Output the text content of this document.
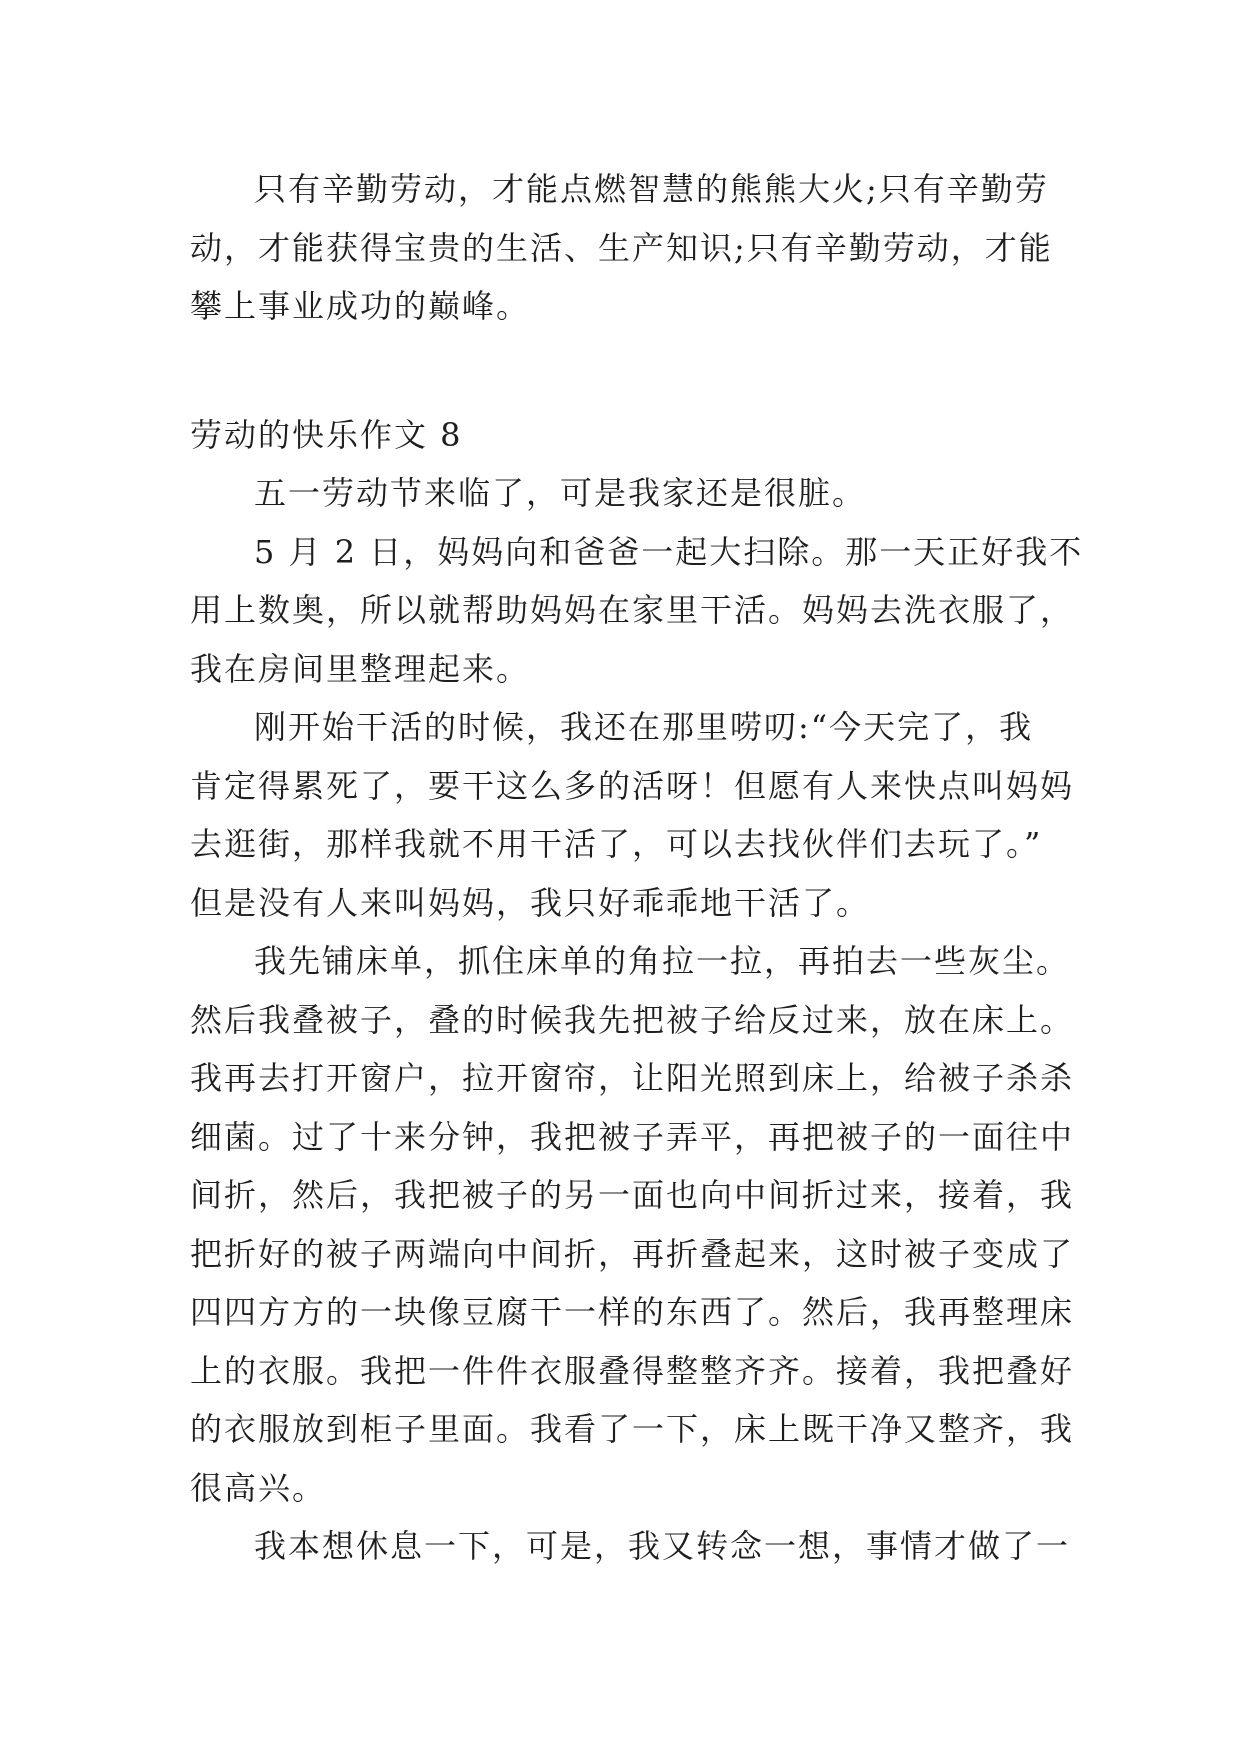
只有辛勤劳动，才能点燃智慧的熊熊大火;只有辛勤劳
动，才能获得宝贵的生活、生产知识;只有辛勤劳动，才能
攀上事业成功的巅峰。
劳动的快乐作文 8
五一劳动节来临了，可是我家还是很脏。
5 月 2 日，妈妈向和爸爸一起大扫除。那一天正好我不
用上数奥，所以就帮助妈妈在家里干活。妈妈去洗衣服了，
我在房间里整理起来。
刚开始干活的时候，我还在那里唠叨:“今天完了，我
肯定得累死了，要干这么多的活呀！但愿有人来快点叫妈妈
去逛街，那样我就不用干活了，可以去找伙伴们去玩了。”
但是没有人来叫妈妈，我只好乖乖地干活了。
我先铺床单，抓住床单的角拉一拉，再拍去一些灰尘。
然后我叠被子，叠的时候我先把被子给反过来，放在床上。
我再去打开窗户，拉开窗帘，让阳光照到床上，给被子杀杀
细菌。过了十来分钟，我把被子弄平，再把被子的一面往中
间折，然后，我把被子的另一面也向中间折过来，接着，我
把折好的被子两端向中间折，再折叠起来，这时被子变成了
四四方方的一块像豆腐干一样的东西了。然后，我再整理床
上的衣服。我把一件件衣服叠得整整齐齐。接着，我把叠好
的衣服放到柜子里面。我看了一下，床上既干净又整齐，我
很高兴。
我本想休息一下，可是，我又转念一想，事情才做了一
